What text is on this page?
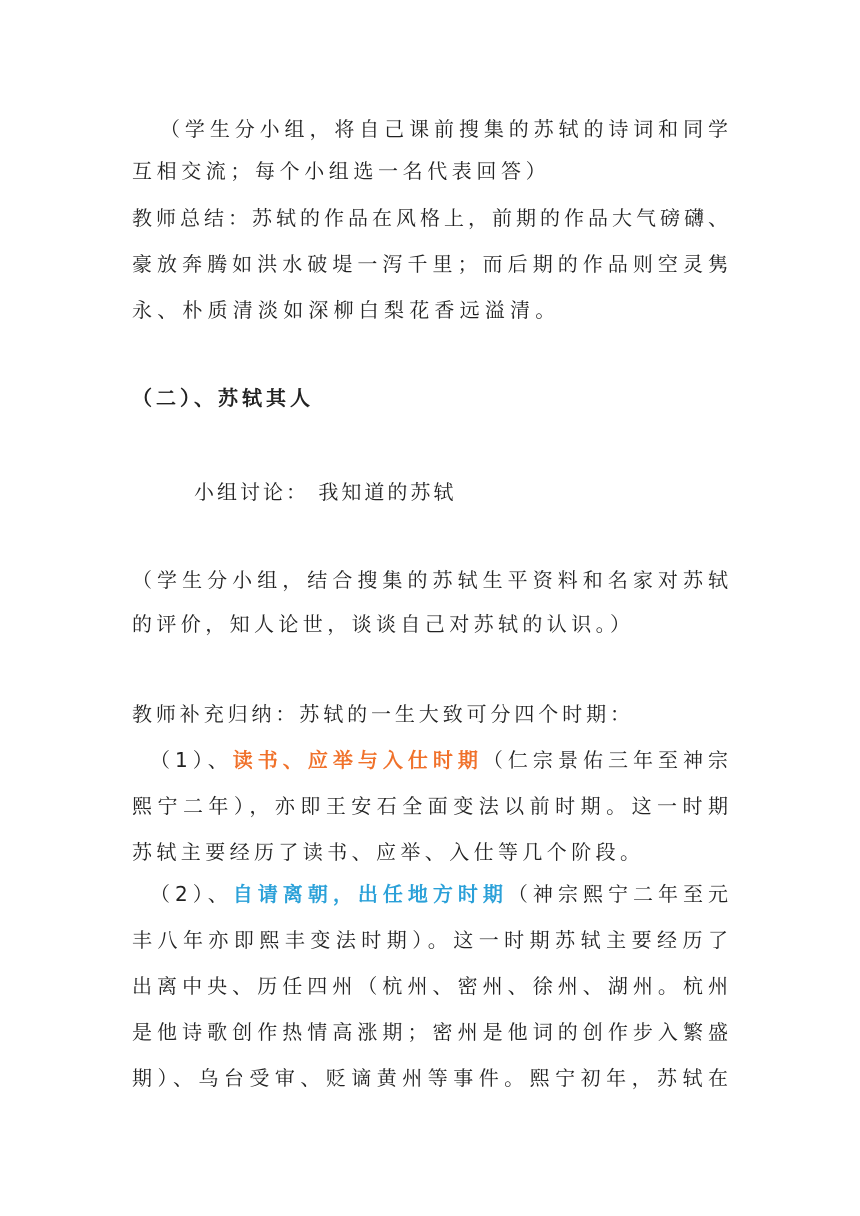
（学生分小组，将自己课前搜集的苏轼的诗词和同学
互相交流；每个小组选一名代表回答）
教师总结：苏轼的作品在风格上，前期的作品大气磅礴、
豪放奔腾如洪水破堤一泻千里；而后期的作品则空灵隽
永、朴质清淡如深柳白梨花香远溢清。
（二）、苏轼其人
小组讨论： 我知道的苏轼
（学生分小组，结合搜集的苏轼生平资料和名家对苏轼
的评价，知人论世，谈谈自己对苏轼的认识。）
教师补充归纳：苏轼的一生大致可分四个时期：
（1）、读书、应举与入仕时期（仁宗景佑三年至神宗
熙宁二年），亦即王安石全面变法以前时期。这一时期
苏轼主要经历了读书、应举、入仕等几个阶段。
（2）、自请离朝，出任地方时期（神宗熙宁二年至元
丰八年亦即熙丰变法时期）。这一时期苏轼主要经历了
出离中央、历任四州（杭州、密州、徐州、湖州。杭州
是他诗歌创作热情高涨期；密州是他词的创作步入繁盛
期）、乌台受审、贬谪黄州等事件。熙宁初年，苏轼在
